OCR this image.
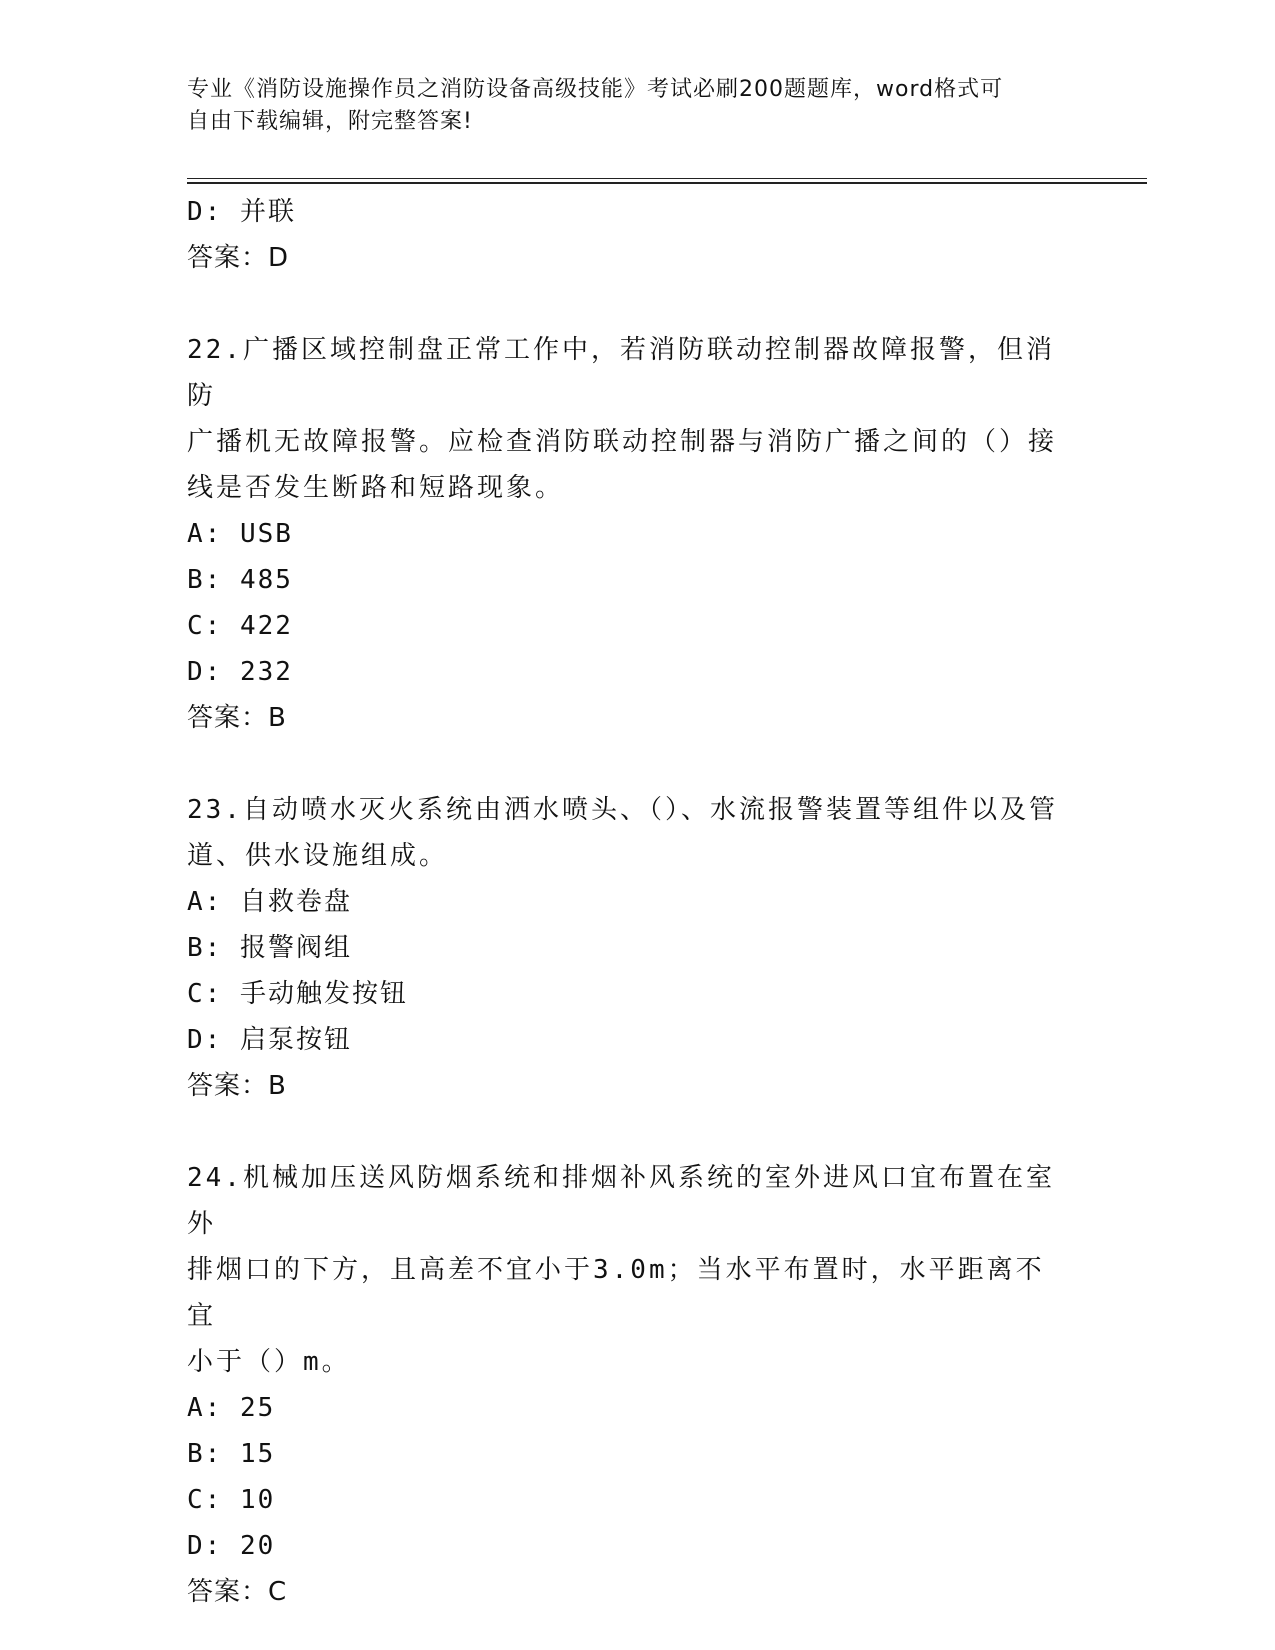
专业《消防设施操作员之消防设备高级技能》考试必刷200题题库，word格式可
自由下载编辑，附完整答案!
D: 并联
答案：D
22.广播区域控制盘正常工作中，若消防联动控制器故障报警，但消防
广播机无故障报警。应检查消防联动控制器与消防广播之间的（）接
线是否发生断路和短路现象。
A: USB
B: 485
C: 422
D: 232
答案：B
23.自动喷水灭火系统由洒水喷头、（）、水流报警装置等组件以及管
道、供水设施组成。
A: 自救卷盘
B: 报警阀组
C: 手动触发按钮
D: 启泵按钮
答案：B
24.机械加压送风防烟系统和排烟补风系统的室外进风口宜布置在室外
排烟口的下方，且高差不宜小于3.0m；当水平布置时，水平距离不宜
小于（）m。
A: 25
B: 15
C: 10
D: 20
答案：C
